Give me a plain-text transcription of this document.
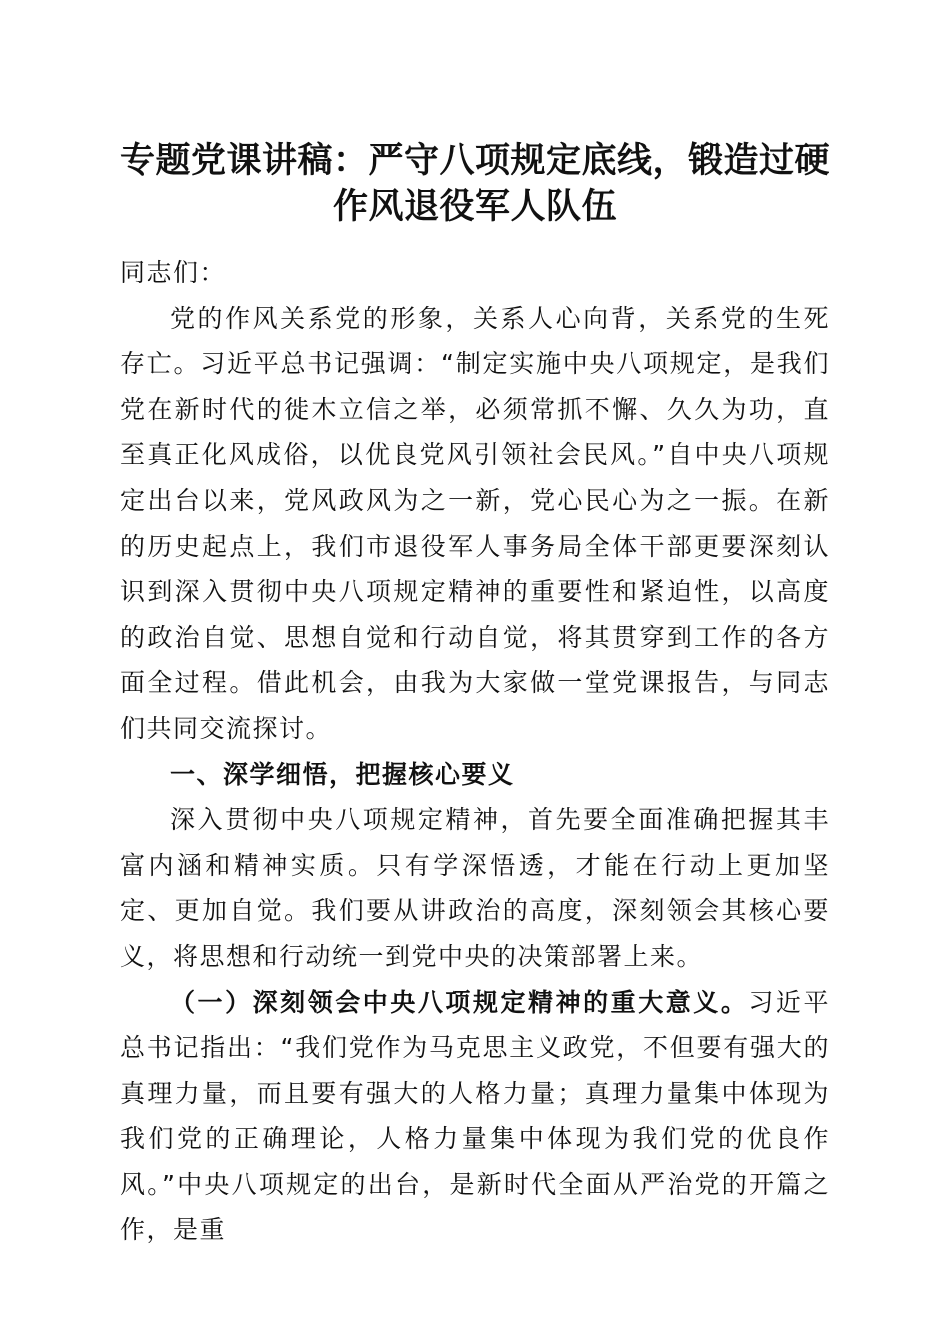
专题党课讲稿：严守八项规定底线，锻造过硬
作风退役军人队伍

同志们：

党的作风关系党的形象，关系人心向背，关系党的生死存亡。习近平总书记强调：“制定实施中央八项规定，是我们党在新时代的徙木立信之举，必须常抓不懈、久久为功，直至真正化风成俗，以优良党风引领社会民风。”自中央八项规定出台以来，党风政风为之一新，党心民心为之一振。在新的历史起点上，我们市退役军人事务局全体干部更要深刻认识到深入贯彻中央八项规定精神的重要性和紧迫性，以高度的政治自觉、思想自觉和行动自觉，将其贯穿到工作的各方面全过程。借此机会，由我为大家做一堂党课报告，与同志们共同交流探讨。

一、深学细悟，把握核心要义

深入贯彻中央八项规定精神，首先要全面准确把握其丰富内涵和精神实质。只有学深悟透，才能在行动上更加坚定、更加自觉。我们要从讲政治的高度，深刻领会其核心要义，将思想和行动统一到党中央的决策部署上来。

（一）深刻领会中央八项规定精神的重大意义。习近平总书记指出：“我们党作为马克思主义政党，不但要有强大的真理力量，而且要有强大的人格力量；真理力量集中体现为我们党的正确理论，人格力量集中体现为我们党的优良作风。”中央八项规定的出台，是新时代全面从严治党的开篇之作，是重
